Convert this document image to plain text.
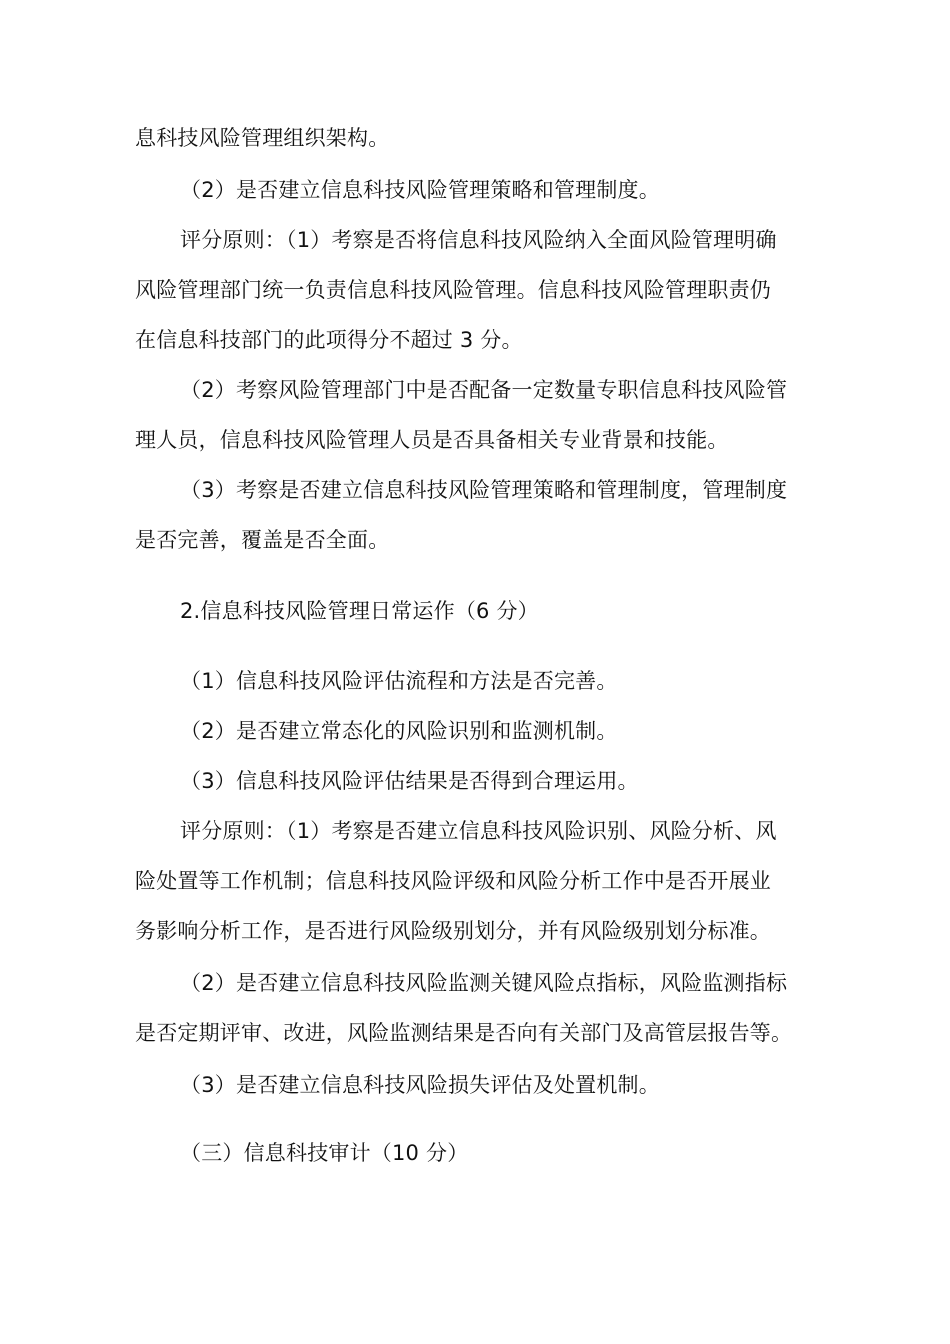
息科技风险管理组织架构。
（2）是否建立信息科技风险管理策略和管理制度。
评分原则：（1）考察是否将信息科技风险纳入全面风险管理明确
风险管理部门统一负责信息科技风险管理。信息科技风险管理职责仍
在信息科技部门的此项得分不超过 3 分。
（2）考察风险管理部门中是否配备一定数量专职信息科技风险管
理人员，信息科技风险管理人员是否具备相关专业背景和技能。
（3）考察是否建立信息科技风险管理策略和管理制度，管理制度
是否完善，覆盖是否全面。
2.信息科技风险管理日常运作（6 分）
（1）信息科技风险评估流程和方法是否完善。
（2）是否建立常态化的风险识别和监测机制。
（3）信息科技风险评估结果是否得到合理运用。
评分原则：（1）考察是否建立信息科技风险识别、风险分析、风
险处置等工作机制；信息科技风险评级和风险分析工作中是否开展业
务影响分析工作，是否进行风险级别划分，并有风险级别划分标准。
（2）是否建立信息科技风险监测关键风险点指标，风险监测指标
是否定期评审、改进，风险监测结果是否向有关部门及高管层报告等。
（3）是否建立信息科技风险损失评估及处置机制。
（三）信息科技审计（10 分）
